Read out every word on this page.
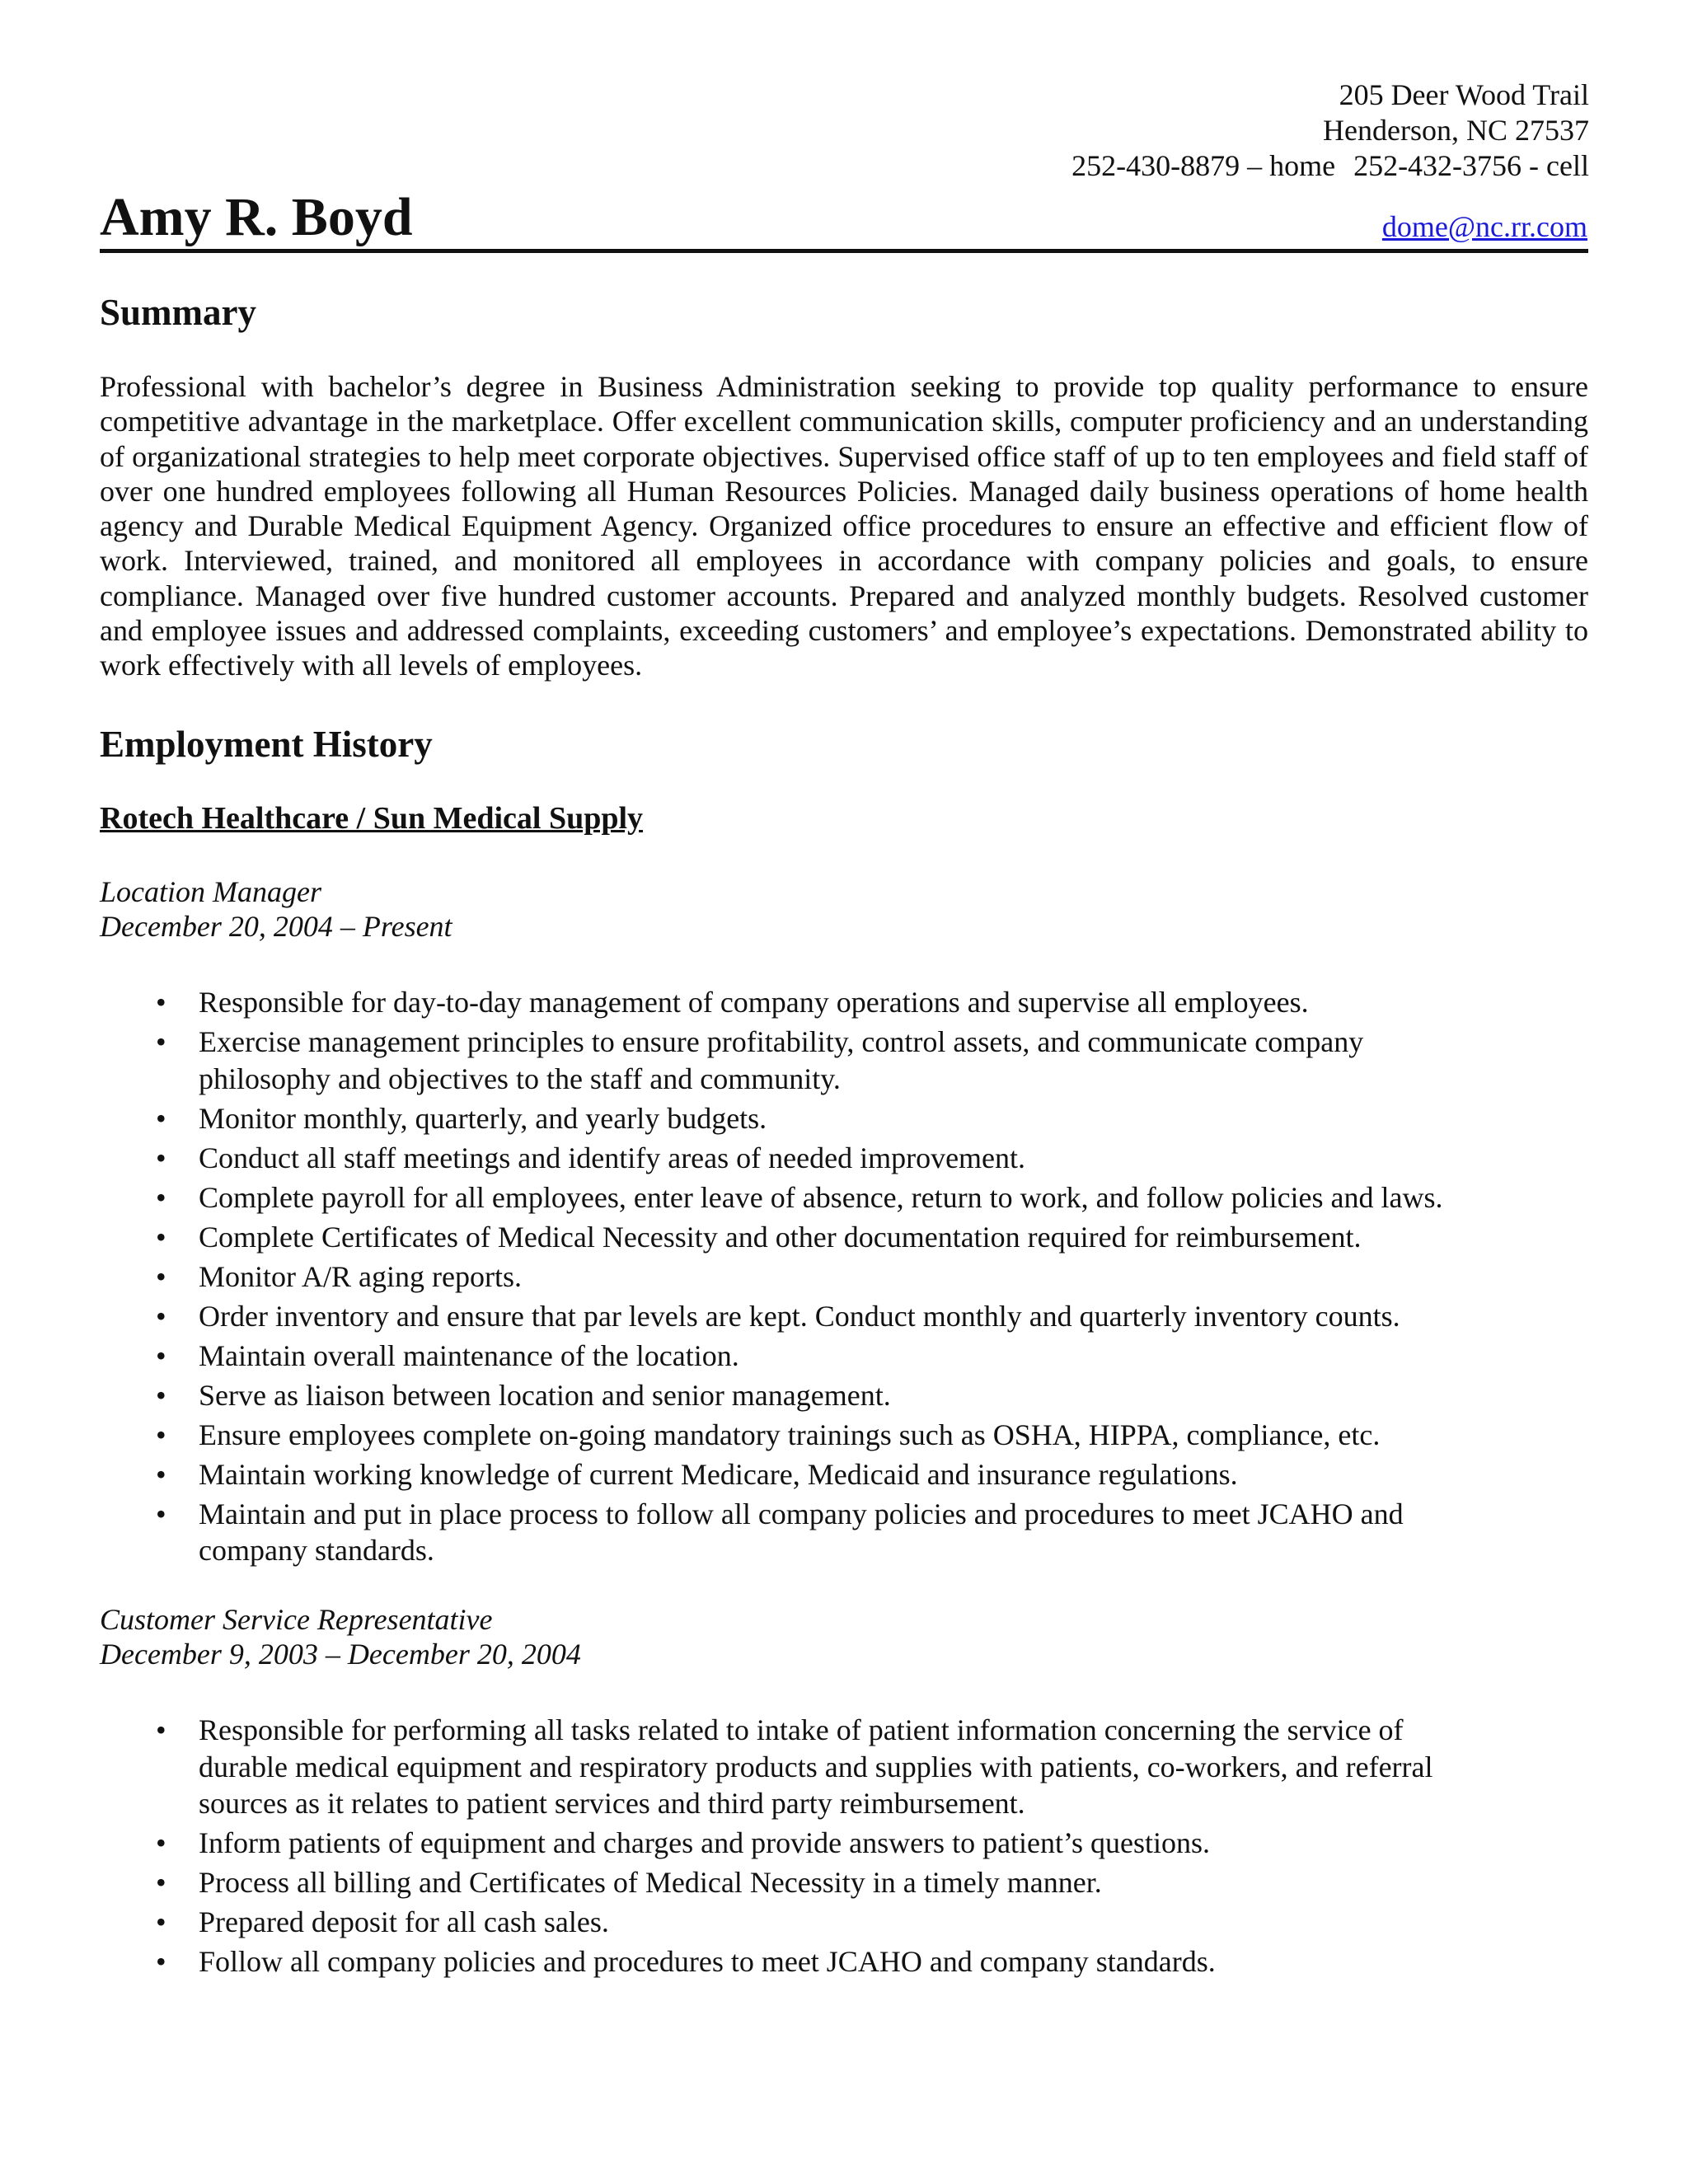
205 Deer Wood Trail
Henderson, NC 27537
252-430-8879 – home 252-432-3756 - cell
Amy R. Boyd	dome@nc.rr.com
Summary

Professional with bachelor’s degree in Business Administration seeking to provide top quality performance to ensure competitive advantage in the marketplace. Offer excellent communication skills, computer proficiency and an understanding of organizational strategies to help meet corporate objectives. Supervised office staff of up to ten employees and field staff of over one hundred employees following all Human Resources Policies. Managed daily business operations of home health agency and Durable Medical Equipment Agency. Organized office procedures to ensure an effective and efficient flow of work. Interviewed, trained, and monitored all employees in accordance with company policies and goals, to ensure compliance. Managed over five hundred customer accounts. Prepared and analyzed monthly budgets. Resolved customer and employee issues and addressed complaints, exceeding customers’ and employee’s expectations. Demonstrated ability to work effectively with all levels of employees.

Employment History
Rotech Healthcare / Sun Medical Supply
Location Manager
December 20, 2004 – Present
• Responsible for day-to-day management of company operations and supervise all employees.
• Exercise management principles to ensure profitability, control assets, and communicate company philosophy and objectives to the staff and community.
• Monitor monthly, quarterly, and yearly budgets.
• Conduct all staff meetings and identify areas of needed improvement.
• Complete payroll for all employees, enter leave of absence, return to work, and follow policies and laws.
• Complete Certificates of Medical Necessity and other documentation required for reimbursement.
• Monitor A/R aging reports.
• Order inventory and ensure that par levels are kept. Conduct monthly and quarterly inventory counts.
• Maintain overall maintenance of the location.
• Serve as liaison between location and senior management.
• Ensure employees complete on-going mandatory trainings such as OSHA, HIPPA, compliance, etc.
• Maintain working knowledge of current Medicare, Medicaid and insurance regulations.
• Maintain and put in place process to follow all company policies and procedures to meet JCAHO and company standards.
Customer Service Representative
December 9, 2003 – December 20, 2004
• Responsible for performing all tasks related to intake of patient information concerning the service of durable medical equipment and respiratory products and supplies with patients, co-workers, and referral sources as it relates to patient services and third party reimbursement.
• Inform patients of equipment and charges and provide answers to patient’s questions.
• Process all billing and Certificates of Medical Necessity in a timely manner.
• Prepared deposit for all cash sales.
• Follow all company policies and procedures to meet JCAHO and company standards.
